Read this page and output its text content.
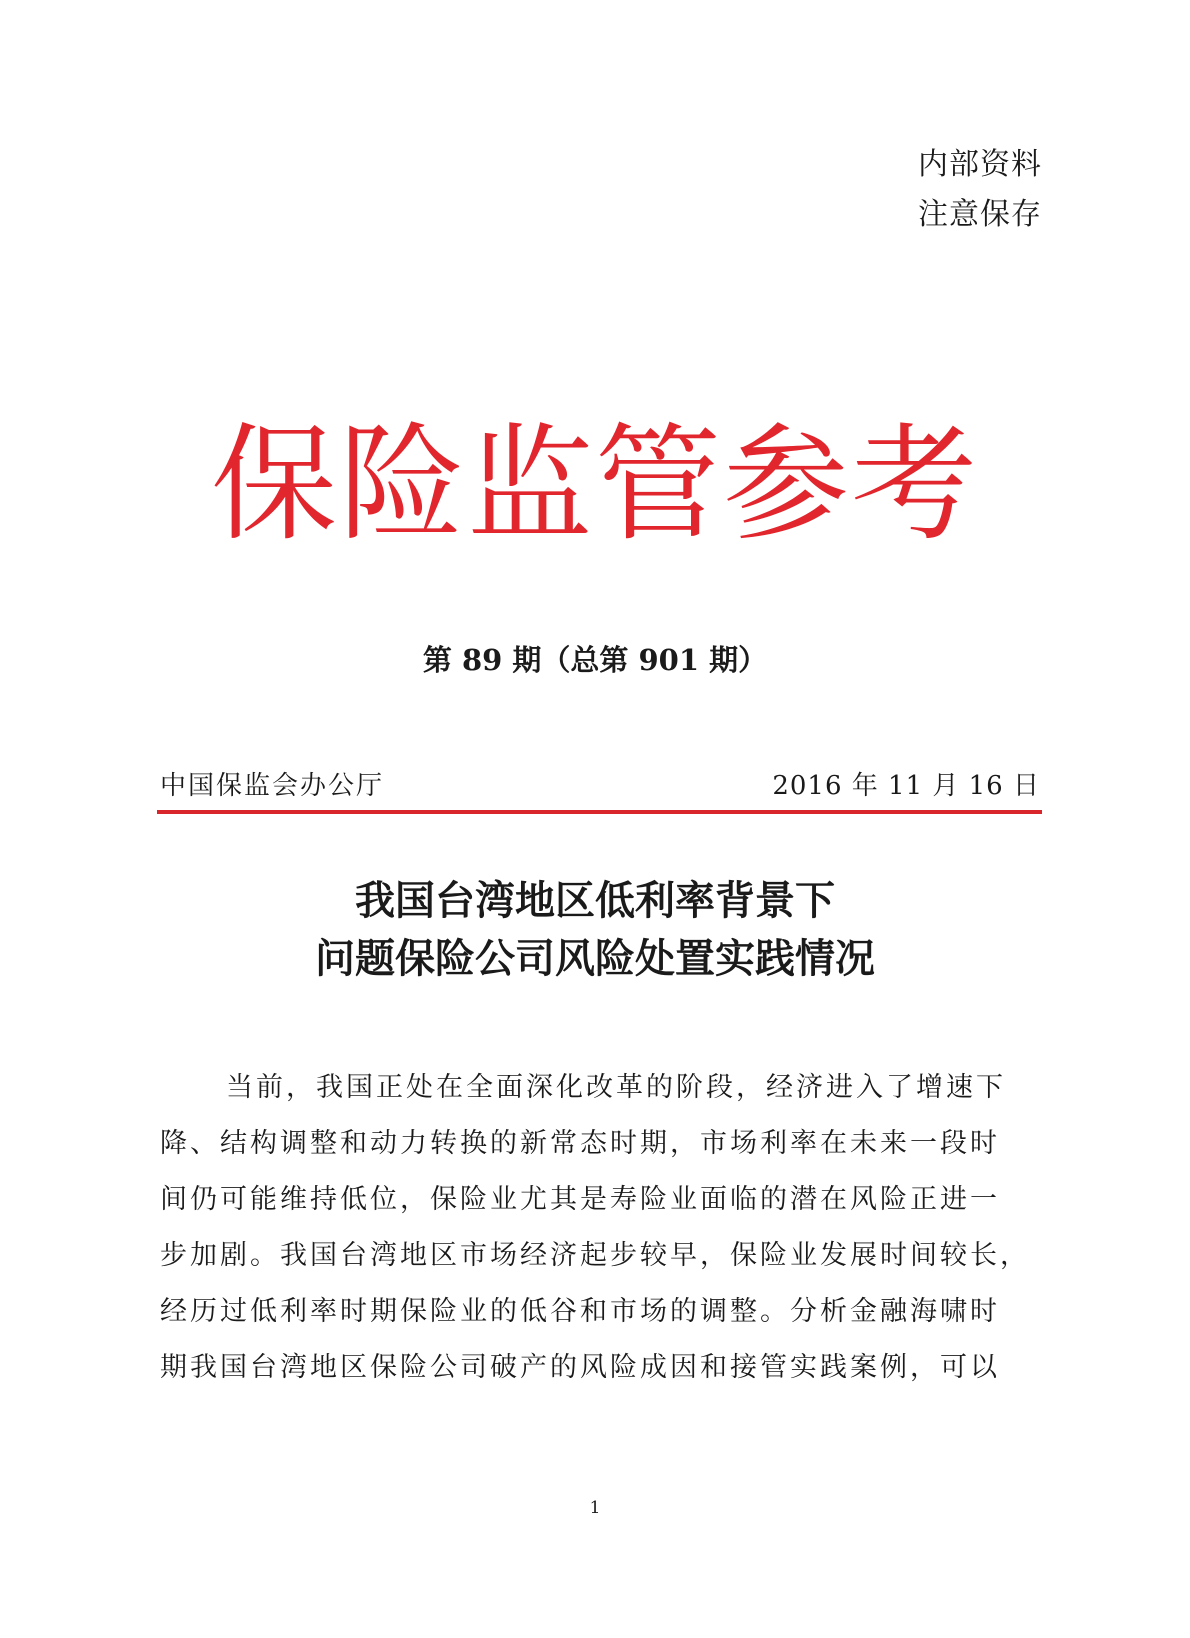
内部资料
注意保存
保险监管参考
第 89 期（总第 901 期）
中国保监会办公厅	2016 年 11 月 16 日
我国台湾地区低利率背景下
问题保险公司风险处置实践情况
当前，我国正处在全面深化改革的阶段，经济进入了增速下
降、结构调整和动力转换的新常态时期，市场利率在未来一段时
间仍可能维持低位，保险业尤其是寿险业面临的潜在风险正进一
步加剧。我国台湾地区市场经济起步较早，保险业发展时间较长，
经历过低利率时期保险业的低谷和市场的调整。分析金融海啸时
期我国台湾地区保险公司破产的风险成因和接管实践案例，可以
1
